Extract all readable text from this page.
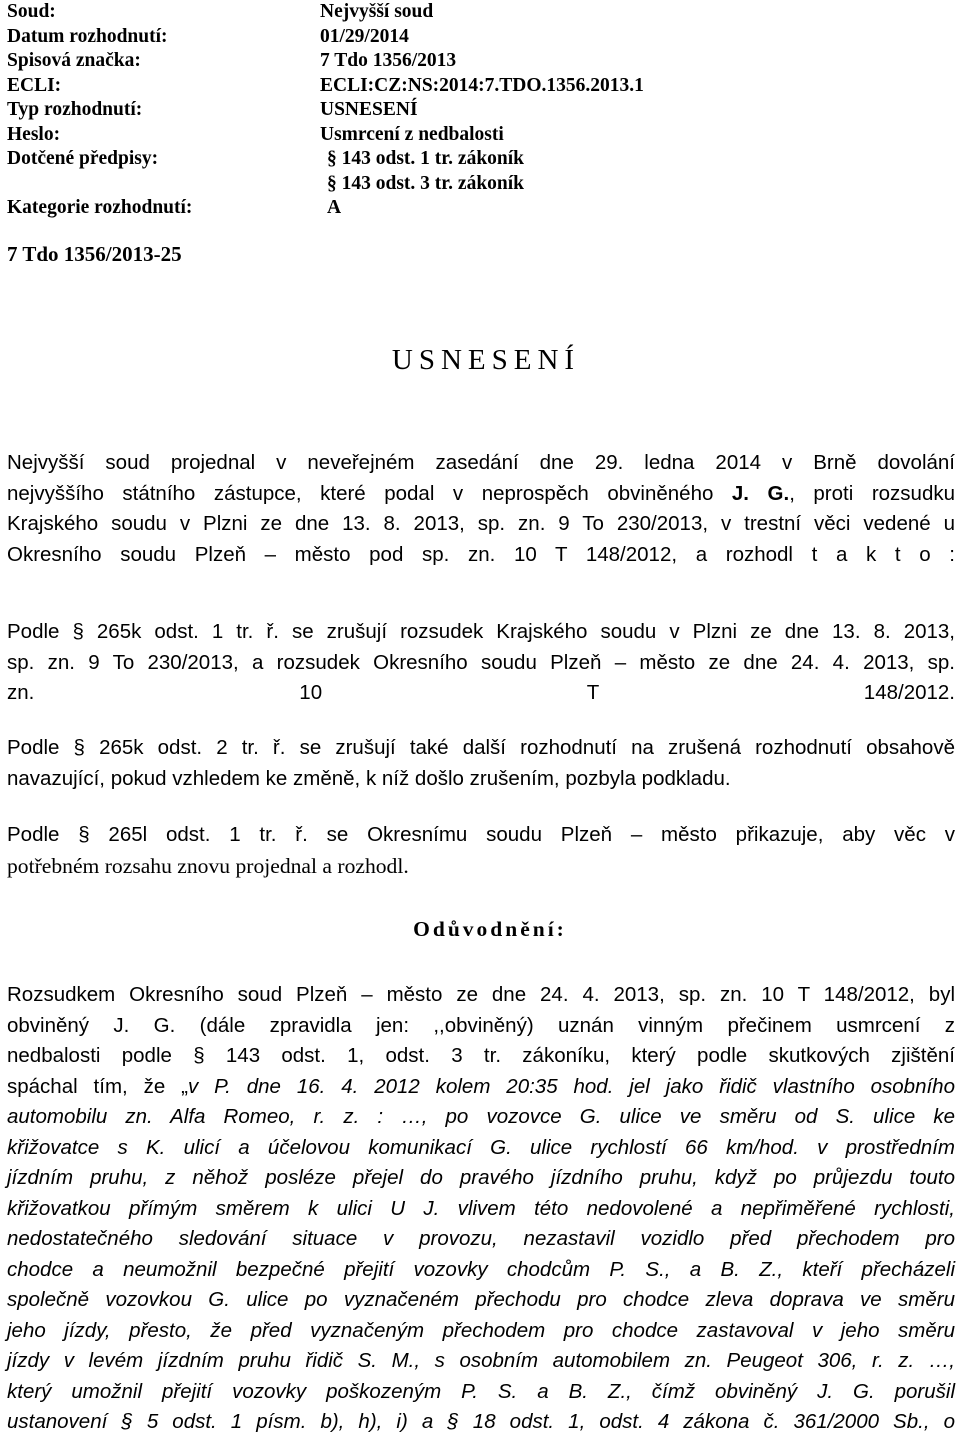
Soud:	Nejvyšší soud
Datum rozhodnutí:	01/29/2014
Spisová značka:	7 Tdo 1356/2013
ECLI:	ECLI:CZ:NS:2014:7.TDO.1356.2013.1
Typ rozhodnutí:	USNESENÍ
Heslo:	Usmrcení z nedbalosti
Dotčené předpisy:	§ 143 odst. 1 tr. zákoník
§ 143 odst. 3 tr. zákoník
Kategorie rozhodnutí:	A
7 Tdo 1356/2013-25
USNESENÍ
Nejvyšší soud projednal v neveřejném zasedání dne 29. ledna 2014 v Brně dovolání
nejvyššího státního zástupce, které podal v neprospěch obviněného J. G., proti rozsudku
Krajského soudu v Plzni ze dne 13. 8. 2013, sp. zn. 9 To 230/2013, v trestní věci vedené u
Okresního soudu Plzeň – město pod sp. zn. 10 T 148/2012, a rozhodl t a k t o :
Podle § 265k odst. 1 tr. ř. se zrušují rozsudek Krajského soudu v Plzni ze dne 13. 8. 2013,
sp. zn. 9 To 230/2013, a rozsudek Okresního soudu Plzeň – město ze dne 24. 4. 2013, sp.
zn. 10 T 148/2012.
Podle § 265k odst. 2 tr. ř. se zrušují také další rozhodnutí na zrušená rozhodnutí obsahově
navazující, pokud vzhledem ke změně, k níž došlo zrušením, pozbyla podkladu.
Podle § 265l odst. 1 tr. ř. se Okresnímu soudu Plzeň – město přikazuje, aby věc v
potřebném rozsahu znovu projednal a rozhodl.
Odůvodnění:
Rozsudkem Okresního soud Plzeň – město ze dne 24. 4. 2013, sp. zn. 10 T 148/2012, byl
obviněný J. G. (dále zpravidla jen: ,,obviněný) uznán vinným přečinem usmrcení z
nedbalosti podle § 143 odst. 1, odst. 3 tr. zákoníku, který podle skutkových zjištění
spáchal tím, že „v P. dne 16. 4. 2012 kolem 20:35 hod. jel jako řidič vlastního osobního
automobilu zn. Alfa Romeo, r. z. : …, po vozovce G. ulice ve směru od S. ulice ke
křižovatce s K. ulicí a účelovou komunikací G. ulice rychlostí 66 km/hod. v prostředním
jízdním pruhu, z něhož posléze přejel do pravého jízdního pruhu, když po průjezdu touto
křižovatkou přímým směrem k ulici U J. vlivem této nedovolené a nepřiměřené rychlosti,
nedostatečného sledování situace v provozu, nezastavil vozidlo před přechodem pro
chodce a neumožnil bezpečné přejití vozovky chodcům P. S., a B. Z., kteří přecházeli
společně vozovkou G. ulice po vyznačeném přechodu pro chodce zleva doprava ve směru
jeho jízdy, přesto, že před vyznačeným přechodem pro chodce zastavoval v jeho směru
jízdy v levém jízdním pruhu řidič S. M., s osobním automobilem zn. Peugeot 306, r. z. …,
který umožnil přejití vozovky poškozeným P. S. a B. Z., čímž obviněný J. G. porušil
ustanovení § 5 odst. 1 písm. b), h), i) a § 18 odst. 1, odst. 4 zákona č. 361/2000 Sb., o
